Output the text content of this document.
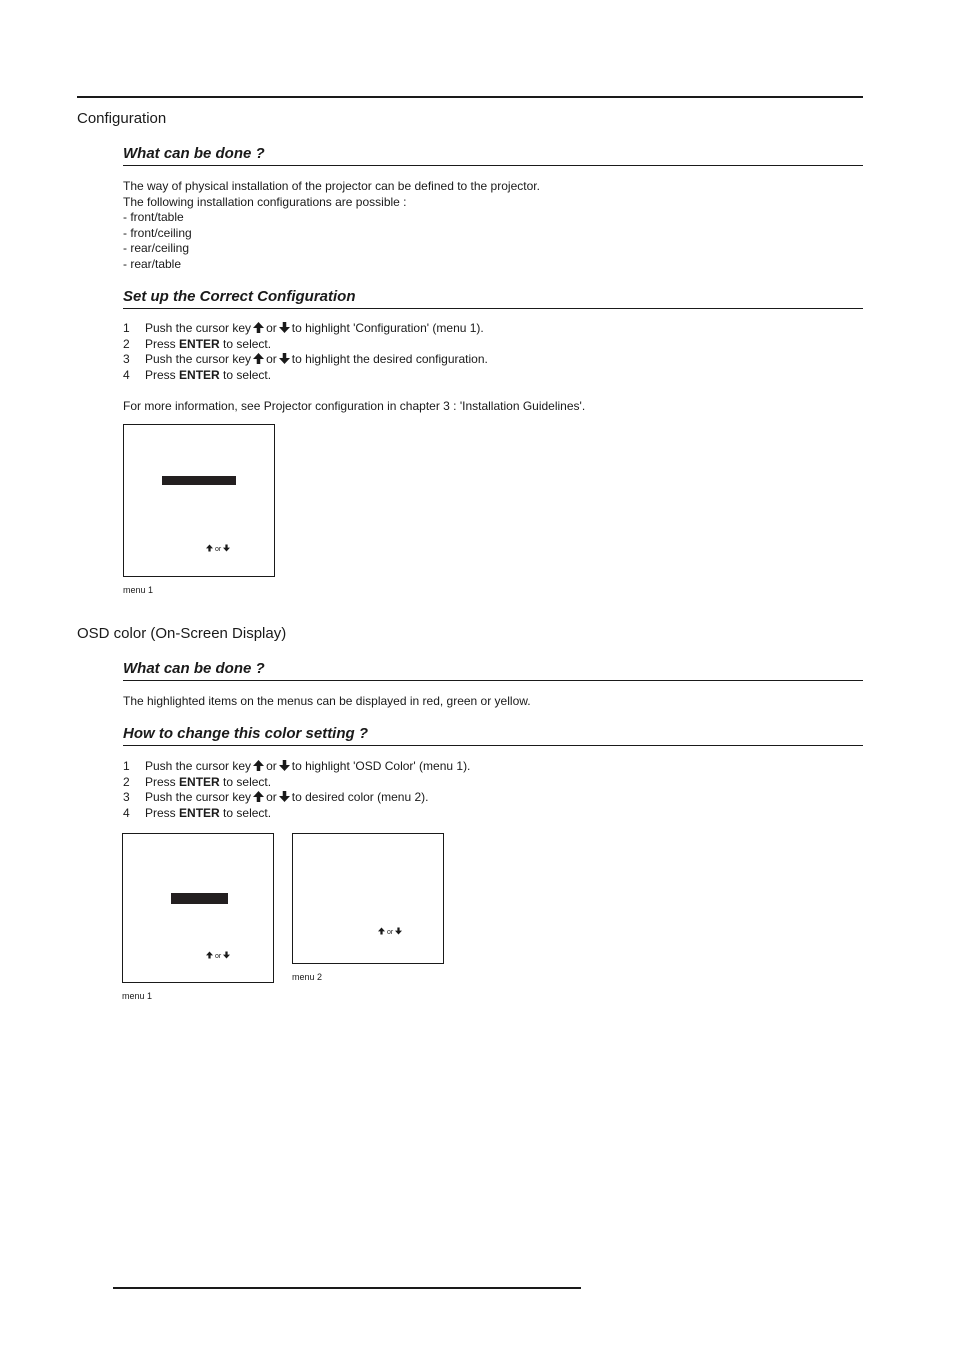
Configuration
What can be done ?
The way of physical installation of the projector can be defined to the projector.
The following installation configurations are possible :
- front/table
- front/ceiling
- rear/ceiling
- rear/table
Set up the Correct Configuration
1 Push the cursor key or to highlight 'Configuration' (menu 1).
2 Press ENTER to select.
3 Push the cursor key or to highlight the desired configuration.
4 Press ENTER to select.
For more information, see Projector configuration in chapter 3 : 'Installation Guidelines'.
or
menu 1
OSD color (On-Screen Display)
What can be done ?
The highlighted items on the menus can be displayed in red, green or yellow.
How to change this color setting ?
1 Push the cursor key or to highlight 'OSD Color' (menu 1).
2 Press ENTER to select.
3 Push the cursor key or to desired color (menu 2).
4 Press ENTER to select.
or
menu 1
or
menu 2
